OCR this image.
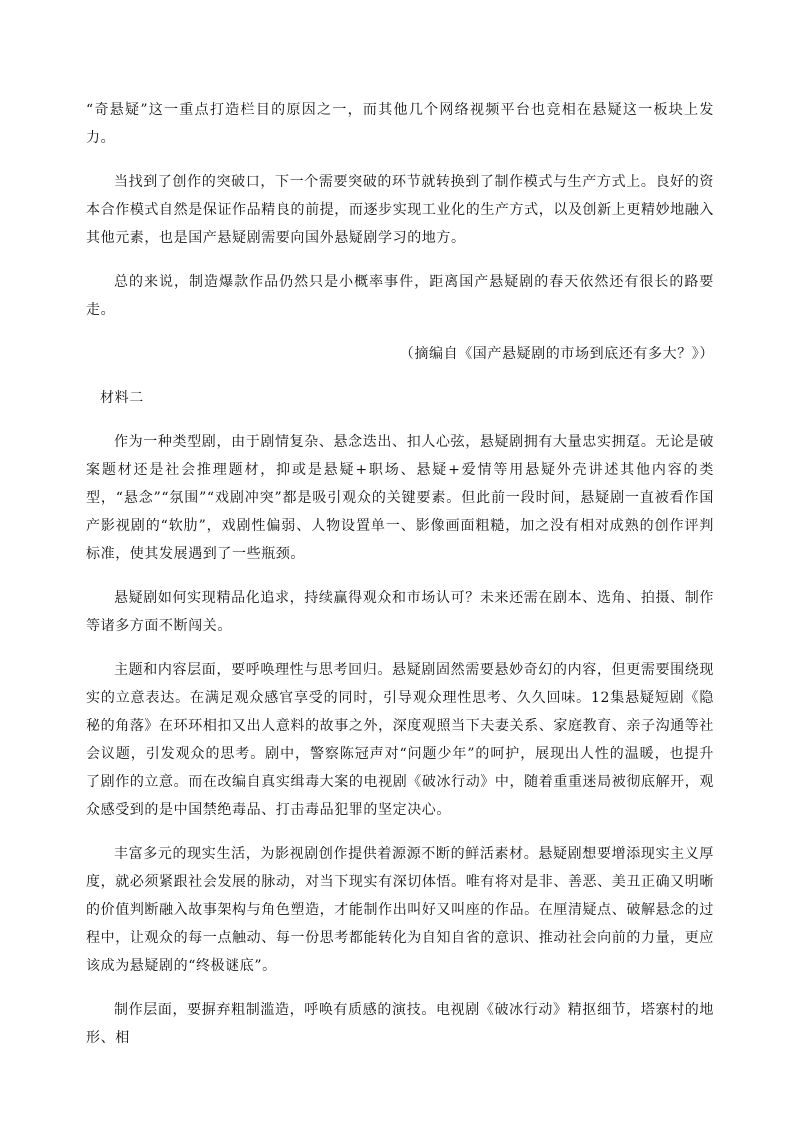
“奇悬疑”这一重点打造栏目的原因之一，而其他几个网络视频平台也竞相在悬疑这一板块上发力。

当找到了创作的突破口，下一个需要突破的环节就转换到了制作模式与生产方式上。良好的资本合作模式自然是保证作品精良的前提，而逐步实现工业化的生产方式，以及创新上更精妙地融入其他元素，也是国产悬疑剧需要向国外悬疑剧学习的地方。

总的来说，制造爆款作品仍然只是小概率事件，距离国产悬疑剧的春天依然还有很长的路要走。

（摘编自《国产悬疑剧的市场到底还有多大？》）

材料二

作为一种类型剧，由于剧情复杂、悬念迭出、扣人心弦，悬疑剧拥有大量忠实拥趸。无论是破案题材还是社会推理题材，抑或是悬疑+职场、悬疑+爱情等用悬疑外壳讲述其他内容的类型，“悬念”“氛围”“戏剧冲突”都是吸引观众的关键要素。但此前一段时间，悬疑剧一直被看作国产影视剧的“软肋”，戏剧性偏弱、人物设置单一、影像画面粗糙，加之没有相对成熟的创作评判标准，使其发展遇到了一些瓶颈。

悬疑剧如何实现精品化追求，持续赢得观众和市场认可？未来还需在剧本、选角、拍摄、制作等诸多方面不断闯关。

主题和内容层面，要呼唤理性与思考回归。悬疑剧固然需要悬妙奇幻的内容，但更需要围绕现实的立意表达。在满足观众感官享受的同时，引导观众理性思考、久久回味。12集悬疑短剧《隐秘的角落》在环环相扣又出人意料的故事之外，深度观照当下夫妻关系、家庭教育、亲子沟通等社会议题，引发观众的思考。剧中，警察陈冠声对“问题少年”的呵护，展现出人性的温暖，也提升了剧作的立意。而在改编自真实缉毒大案的电视剧《破冰行动》中，随着重重迷局被彻底解开，观众感受到的是中国禁绝毒品、打击毒品犯罪的坚定决心。

丰富多元的现实生活，为影视剧创作提供着源源不断的鲜活素材。悬疑剧想要增添现实主义厚度，就必须紧跟社会发展的脉动，对当下现实有深切体悟。唯有将对是非、善恶、美丑正确又明晰的价值判断融入故事架构与角色塑造，才能制作出叫好又叫座的作品。在厘清疑点、破解悬念的过程中，让观众的每一点触动、每一份思考都能转化为自知自省的意识、推动社会向前的力量，更应该成为悬疑剧的“终极谜底”。

制作层面，要摒弃粗制滥造，呼唤有质感的演技。电视剧《破冰行动》精抠细节，塔寨村的地形、相
